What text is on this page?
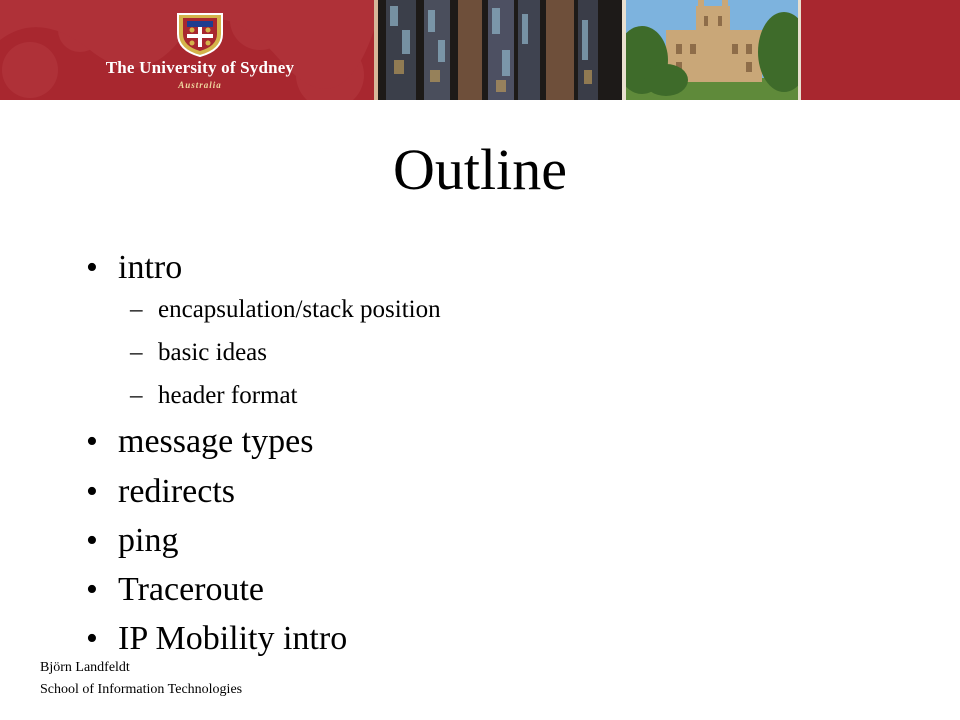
The University of Sydney
Australia
Outline
• intro
– encapsulation/stack position
– basic ideas
– header format
• message types
• redirects
• ping
• Traceroute
• IP Mobility intro
Björn Landfeldt
School of Information Technologies
